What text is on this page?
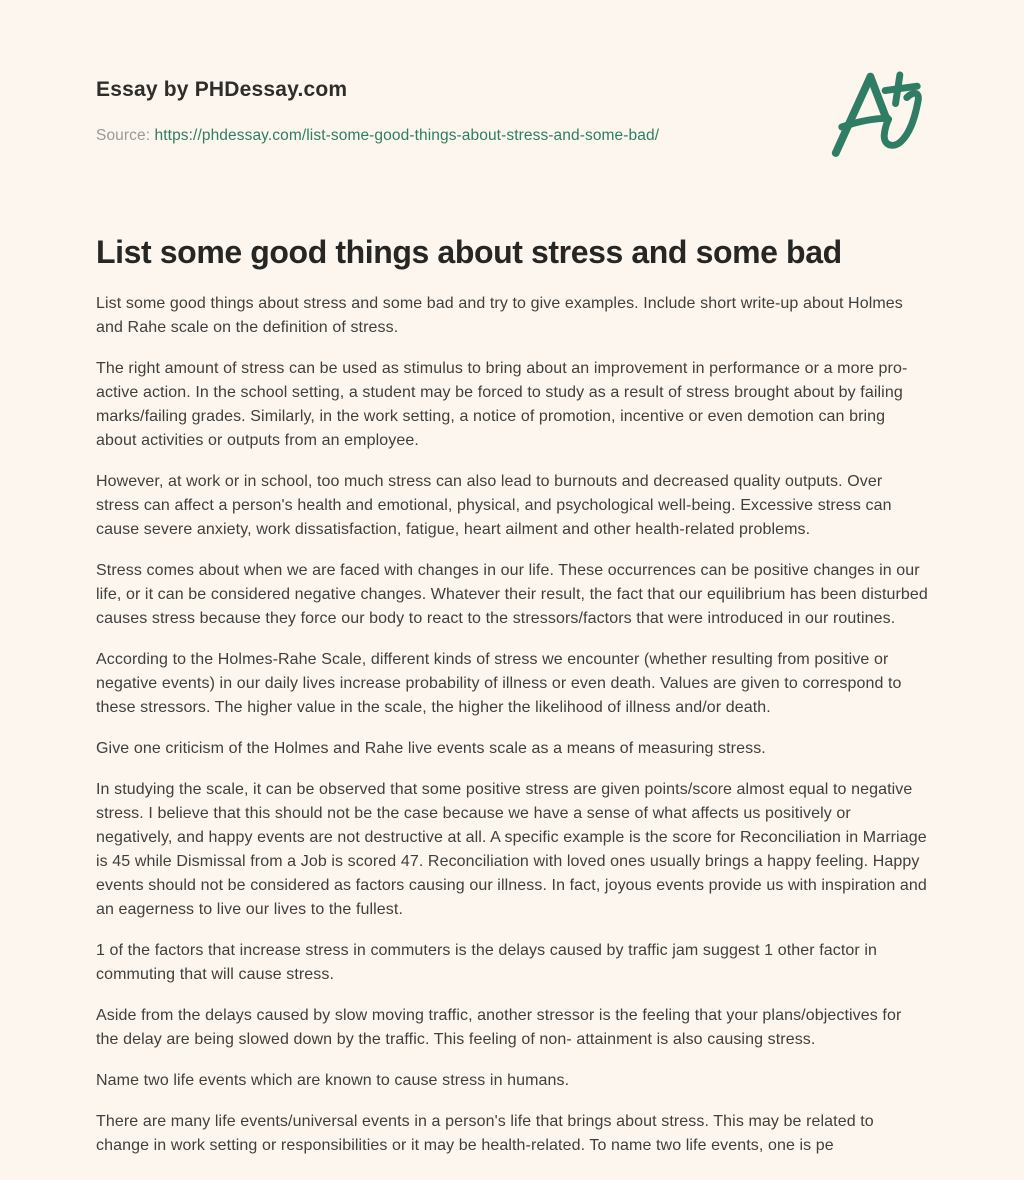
Essay by PHDessay.com
Source: https://phdessay.com/list-some-good-things-about-stress-and-some-bad/
List some good things about stress and some bad

List some good things about stress and some bad and try to give examples. Include short write-up about Holmes and Rahe scale on the definition of stress.

The right amount of stress can be used as stimulus to bring about an improvement in performance or a more pro-active action. In the school setting, a student may be forced to study as a result of stress brought about by failing marks/failing grades. Similarly, in the work setting, a notice of promotion, incentive or even demotion can bring about activities or outputs from an employee.

However, at work or in school, too much stress can also lead to burnouts and decreased quality outputs. Over stress can affect a person's health and emotional, physical, and psychological well-being. Excessive stress can cause severe anxiety, work dissatisfaction, fatigue, heart ailment and other health-related problems.

Stress comes about when we are faced with changes in our life. These occurrences can be positive changes in our life, or it can be considered negative changes. Whatever their result, the fact that our equilibrium has been disturbed causes stress because they force our body to react to the stressors/factors that were introduced in our routines.

According to the Holmes-Rahe Scale, different kinds of stress we encounter (whether resulting from positive or negative events) in our daily lives increase probability of illness or even death. Values are given to correspond to these stressors. The higher value in the scale, the higher the likelihood of illness and/or death.

Give one criticism of the Holmes and Rahe live events scale as a means of measuring stress.

In studying the scale, it can be observed that some positive stress are given points/score almost equal to negative stress. I believe that this should not be the case because we have a sense of what affects us positively or negatively, and happy events are not destructive at all. A specific example is the score for Reconciliation in Marriage is 45 while Dismissal from a Job is scored 47. Reconciliation with loved ones usually brings a happy feeling. Happy events should not be considered as factors causing our illness. In fact, joyous events provide us with inspiration and an eagerness to live our lives to the fullest.

1 of the factors that increase stress in commuters is the delays caused by traffic jam suggest 1 other factor in commuting that will cause stress.

Aside from the delays caused by slow moving traffic, another stressor is the feeling that your plans/objectives for the delay are being slowed down by the traffic. This feeling of non- attainment is also causing stress.

Name two life events which are known to cause stress in humans.

There are many life events/universal events in a person's life that brings about stress. This may be related to change in work setting or responsibilities or it may be health-related. To name two life events, one is pe
